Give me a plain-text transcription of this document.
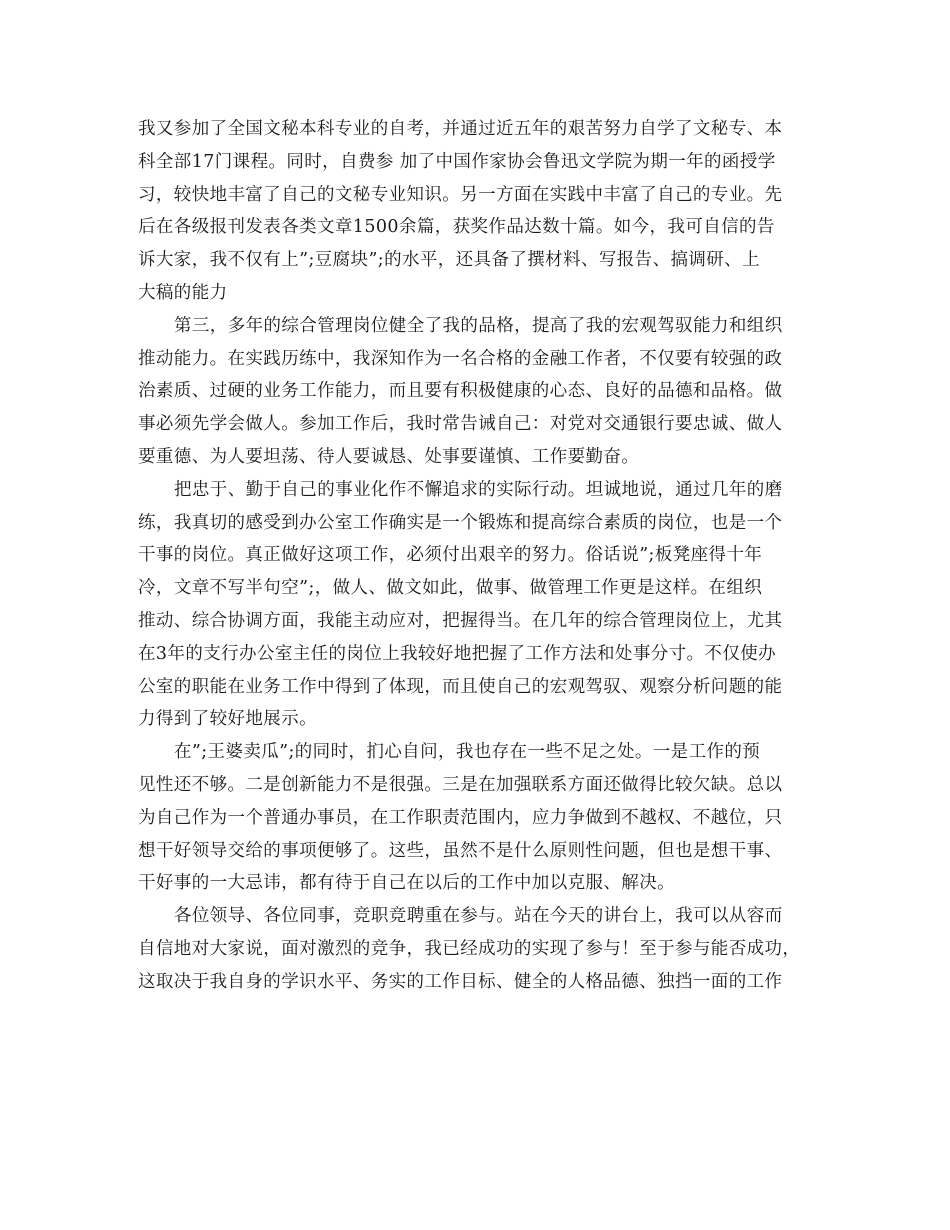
我又参加了全国文秘本科专业的自考，并通过近五年的艰苦努力自学了文秘专、本
科全部17门课程。同时，自费参 加了中国作家协会鲁迅文学院为期一年的函授学
习，较快地丰富了自己的文秘专业知识。另一方面在实践中丰富了自己的专业。先
后在各级报刊发表各类文章1500余篇，获奖作品达数十篇。如今，我可自信的告
诉大家，我不仅有上”;豆腐块”;的水平，还具备了撰材料、写报告、搞调研、上
大稿的能力
第三，多年的综合管理岗位健全了我的品格，提高了我的宏观驾驭能力和组织
推动能力。在实践历练中，我深知作为一名合格的金融工作者，不仅要有较强的政
治素质、过硬的业务工作能力，而且要有积极健康的心态、良好的品德和品格。做
事必须先学会做人。参加工作后，我时常告诫自己：对党对交通银行要忠诚、做人
要重德、为人要坦荡、待人要诚恳、处事要谨慎、工作要勤奋。
把忠于、勤于自己的事业化作不懈追求的实际行动。坦诚地说，通过几年的磨
练，我真切的感受到办公室工作确实是一个锻炼和提高综合素质的岗位，也是一个
干事的岗位。真正做好这项工作，必须付出艰辛的努力。俗话说”;板凳座得十年
冷，文章不写半句空”;，做人、做文如此，做事、做管理工作更是这样。在组织
推动、综合协调方面，我能主动应对，把握得当。在几年的综合管理岗位上，尤其
在3年的支行办公室主任的岗位上我较好地把握了工作方法和处事分寸。不仅使办
公室的职能在业务工作中得到了体现，而且使自己的宏观驾驭、观察分析问题的能
力得到了较好地展示。
在”;王婆卖瓜”;的同时，扪心自问，我也存在一些不足之处。一是工作的预
见性还不够。二是创新能力不是很强。三是在加强联系方面还做得比较欠缺。总以
为自己作为一个普通办事员，在工作职责范围内，应力争做到不越权、不越位，只
想干好领导交给的事项便够了。这些，虽然不是什么原则性问题，但也是想干事、
干好事的一大忌讳，都有待于自己在以后的工作中加以克服、解决。
各位领导、各位同事，竞职竞聘重在参与。站在今天的讲台上，我可以从容而
自信地对大家说，面对激烈的竞争，我已经成功的实现了参与！至于参与能否成功，
这取决于我自身的学识水平、务实的工作目标、健全的人格品德、独挡一面的工作
